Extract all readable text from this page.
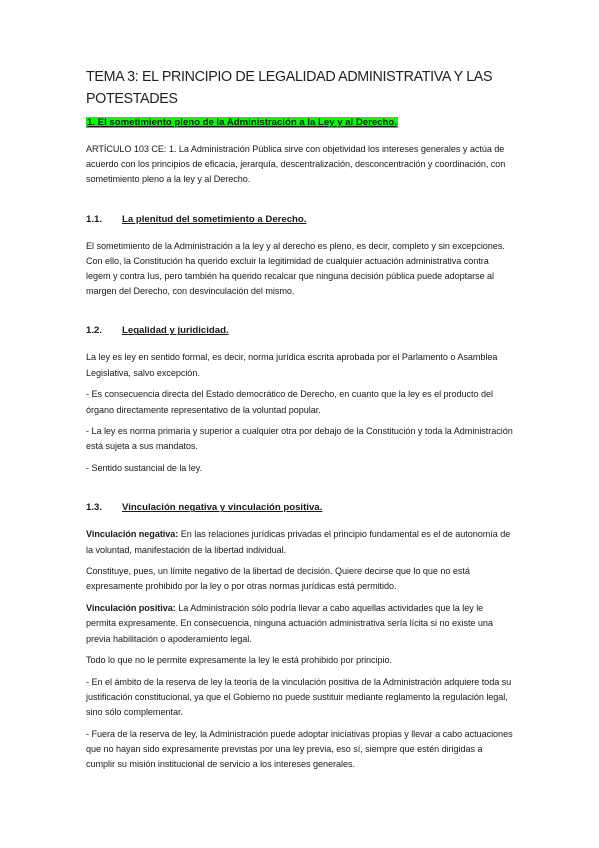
TEMA 3: EL PRINCIPIO DE LEGALIDAD ADMINISTRATIVA Y LAS POTESTADES
1. El sometimiento pleno de la Administración a la Ley y al Derecho.

ARTÍCULO 103 CE: 1. La Administración Pública sirve con objetividad los intereses generales y actúa de acuerdo con los principios de eficacia, jerarquía, descentralización, desconcentración y coordinación, con sometimiento pleno a la ley y al Derecho.

1.1.	La plenitud del sometimiento a Derecho.

El sometimiento de la Administración a la ley y al derecho es pleno, es decir, completo y sin excepciones. Con ello, la Constitución ha querido excluir la legitimidad de cualquier actuación administrativa contra legem y contra Ius, pero también ha querido recalcar que ninguna decisión pública puede adoptarse al margen del Derecho, con desvinculación del mismo.

1.2.	Legalidad y juridicidad.

La ley es ley en sentido formal, es decir, norma jurídica escrita aprobada por el Parlamento o Asamblea Legislativa, salvo excepción.

- Es consecuencia directa del Estado democrático de Derecho, en cuanto que la ley es el producto del órgano directamente representativo de la voluntad popular.

- La ley es norma primaria y superior a cualquier otra por debajo de la Constitución y toda la Administración está sujeta a sus mandatos.

- Sentido sustancial de la ley.

1.3.	Vinculación negativa y vinculación positiva.

Vinculación negativa: En las relaciones jurídicas privadas el principio fundamental es el de autonomía de la voluntad, manifestación de la libertad individual.

Constituye, pues, un límite negativo de la libertad de decisión. Quiere decirse que lo que no está expresamente prohibido por la ley o por otras normas jurídicas está permitido.

Vinculación positiva: La Administración sólo podría llevar a cabo aquellas actividades que la ley le permita expresamente. En consecuencia, ninguna actuación administrativa sería lícita si no existe una previa habilitación o apoderamiento legal.

Todo lo que no le permite expresamente la ley le está prohibido por principio.

- En el ámbito de la reserva de ley la teoría de la vinculación positiva de la Administración adquiere toda su justificación constitucional, ya que el Gobierno no puede sustituir mediante reglamento la regulación legal, sino sólo complementar.

- Fuera de la reserva de ley, la Administración puede adoptar iniciativas propias y llevar a cabo actuaciones que no hayan sido expresamente previstas por una ley previa, eso sí, siempre que estén dirigidas a cumplir su misión institucional de servicio a los intereses generales.
